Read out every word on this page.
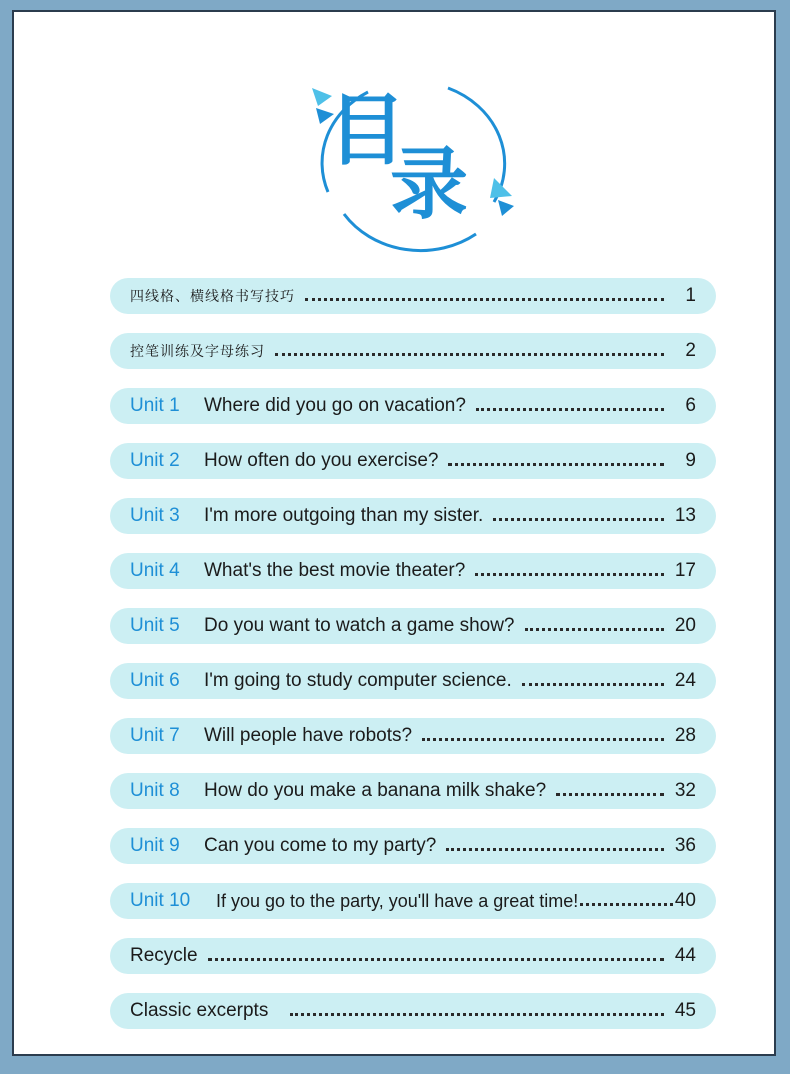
目
录
四线格、横线格书写技巧	1
控笔训练及字母练习	2
Unit 1	Where did you go on vacation?	6
Unit 2	How often do you exercise?	9
Unit 3	I'm more outgoing than my sister.	13
Unit 4	What's the best movie theater?	17
Unit 5	Do you want to watch a game show?	20
Unit 6	I'm going to study computer science.	24
Unit 7	Will people have robots?	28
Unit 8	How do you make a banana milk shake?	32
Unit 9	Can you come to my party?	36
Unit 10	If you go to the party, you'll have a great time!	40
Recycle	44
Classic excerpts	45
